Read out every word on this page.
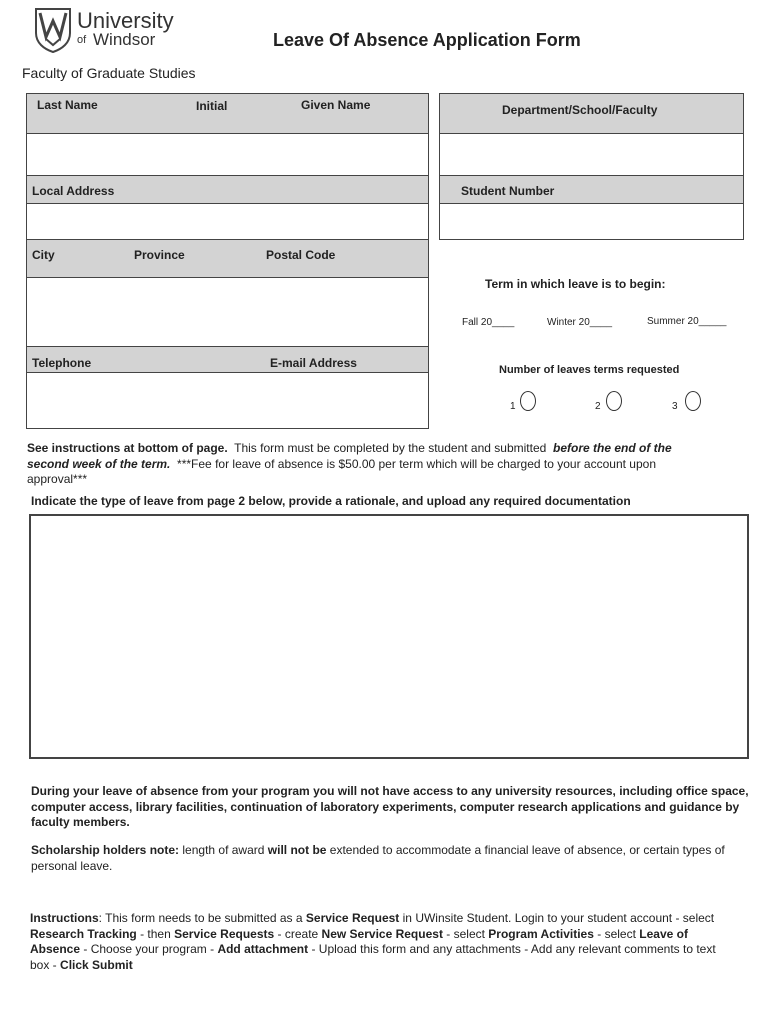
University
of Windsor	Leave Of Absence Application Form
Faculty of Graduate Studies
Last Name	Initial	Given Name
Local Address
City	Province	Postal Code
Telephone	E-mail Address
Department/School/Faculty
Student Number
Term in which leave is to begin:
Fall 20____	Winter 20____	Summer 20_____
Number of leaves terms requested
1	2	3
See instructions at bottom of page. This form must be completed by the student and submitted before the end of the second week of the term. ***Fee for leave of absence is $50.00 per term which will be charged to your account upon approval***
Indicate the type of leave from page 2 below, provide a rationale, and upload any required documentation
During your leave of absence from your program you will not have access to any university resources, including office space, computer access, library facilities, continuation of laboratory experiments, computer research applications and guidance by faculty members.
Scholarship holders note: length of award will not be extended to accommodate a financial leave of absence, or certain types of personal leave.
Instructions: This form needs to be submitted as a Service Request in UWinsite Student. Login to your student account - select Research Tracking - then Service Requests - create New Service Request - select Program Activities - select Leave of Absence - Choose your program - Add attachment - Upload this form and any attachments - Add any relevant comments to text box - Click Submit
